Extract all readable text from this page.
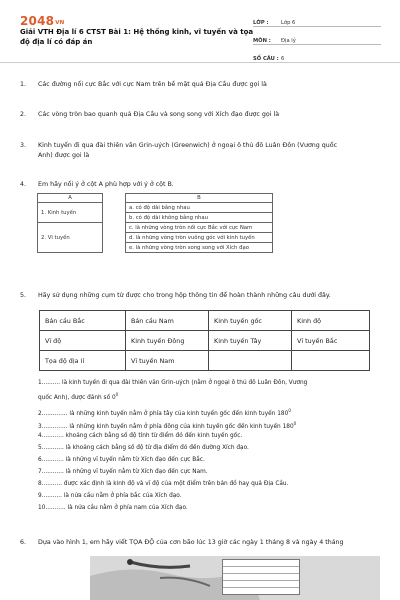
2048VN
Giải VTH Địa lí 6 CTST Bài 1: Hệ thống kinh, vĩ tuyến và tọa độ địa lí có đáp án
LỚP :	Lớp 6
MÔN :	Địa lý
SỐ CÂU : 6
1. Các đường nối cực Bắc với cực Nam trên bề mặt quả Địa Cầu được gọi là
2. Các vòng tròn bao quanh quả Địa Cầu và song song với Xích đạo được gọi là
3. Kinh tuyến đi qua đài thiên văn Grin-uých (Greenwich) ở ngoại ô thủ đô Luân Đôn (Vương quốc
Anh) được gọi là
4. Em hãy nối ý ở cột A phù hợp với ý ở cột B.
A		B
1. Kinh tuyến		a. có độ dài bằng nhau
		b. có độ dài không bằng nhau
2. Vĩ tuyến		c. là những vòng tròn nối cực Bắc với cực Nam
		d. là những vòng tròn vuông góc với kinh tuyến
		e. là những vòng tròn song song với Xích đạo
5. Hãy sử dụng những cụm từ được cho trong hộp thông tin để hoàn thành những câu dưới đây.
Bán cầu Bắc	Bán cầu Nam	Kinh tuyến gốc	Kinh độ
Vĩ độ	Kinh tuyến Đông	Kinh tuyến Tây	Vĩ tuyến Bắc
Tọa độ địa lí	Vĩ tuyến Nam		
1.......... là kinh tuyến đi qua đài thiên văn Grin-uých (nằm ở ngoại ô thủ đô Luân Đôn, Vương
quốc Anh), được đánh số $0^0$
2.............. là những kinh tuyến nằm ở phía tây của kinh tuyến gốc đến kinh tuyến $180^0$
3.............. là những kinh tuyến nằm ở phía đông của kinh tuyến gốc đến kinh tuyến $180^0$
4............ khoảng cách bằng số độ tính từ điểm đó đến kinh tuyến gốc.
5............ là khoảng cách bằng số độ từ địa điểm đó đến đường Xích đạo.
6............ là những vĩ tuyến nằm từ Xích đạo đến cực Bắc.
7............ là những vĩ tuyến nằm từ Xích đạo đến cực Nam.
8........... được xác định là kinh độ và vĩ độ của một điểm trên bản đồ hay quả Địa Cầu.
9........... là nửa cầu nằm ở phía bắc của Xích đạo.
10........... là nửa cầu nằm ở phía nam của Xích đạo.
6. Dựa vào hình 1, em hãy viết TỌA ĐỘ của cơn bão lúc 13 giờ các ngày 1 tháng 8 và ngày 4 tháng
